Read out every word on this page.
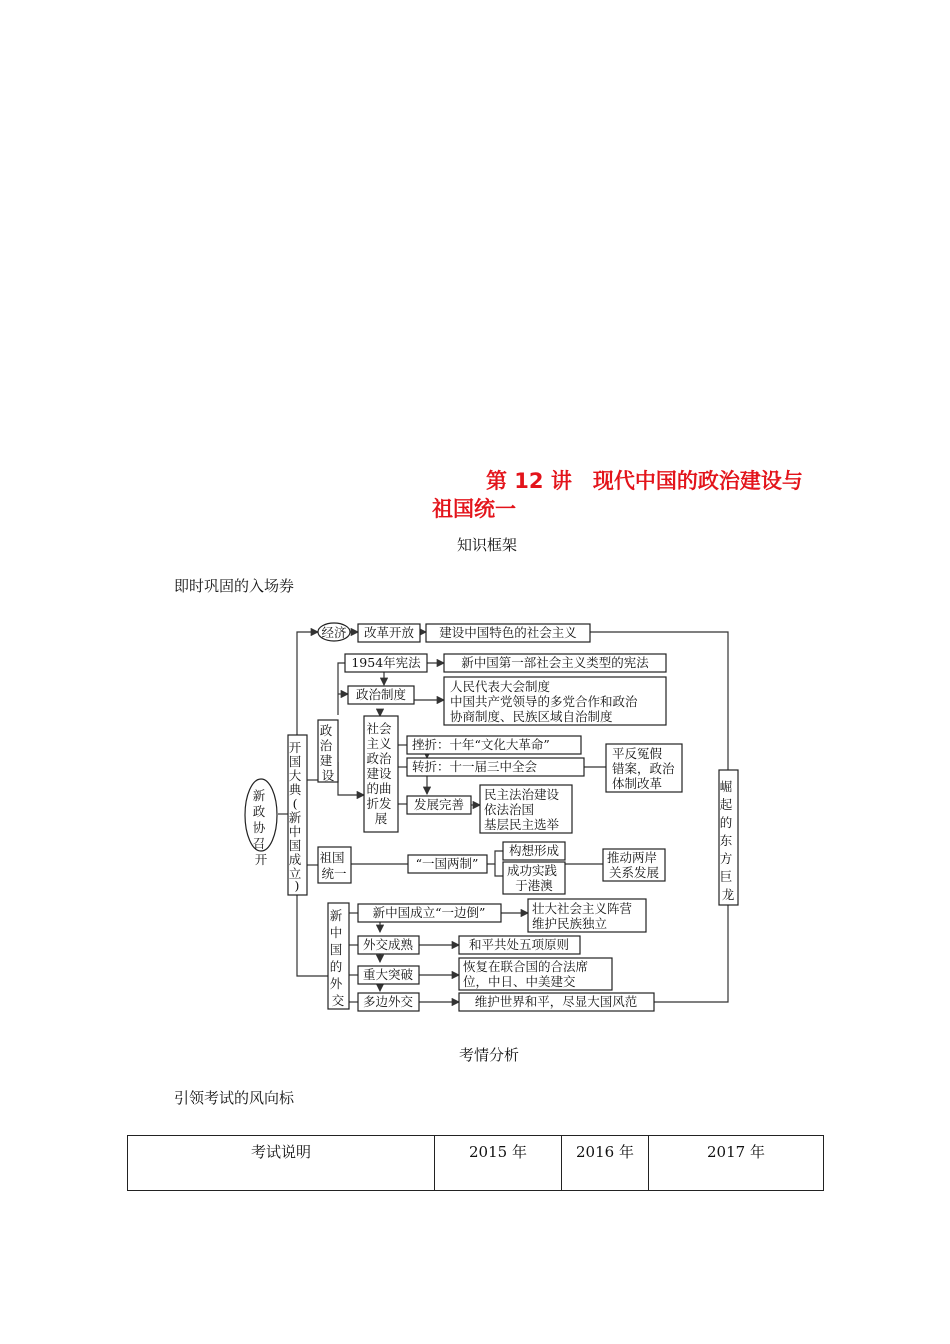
第 12 讲　现代中国的政治建设与
祖国统一
知识框架
即时巩固的入场券
新 政 协 召 开
开 国 大 典 ( 新 中 国 成 立 )
崛 起 的 东 方 巨 龙
经济 改革开放 建设中国特色的社会主义
政 治 建 设
1954年宪法	新中国第一部社会主义类型的宪法
政治制度
人民代表大会制度 中国共产党领导的多党合作和政治 协商制度、民族区域自治制度
社会 主义 政治 建设 的曲 折发 展
挫折：十年“文化大革命”
转折：十一届三中全会
平反冤假 错案，政治 体制改革
发展完善
民主法治建设 依法治国 基层民主选举
祖国 统一
“一国两制”
构想形成
成功实践 于港澳
推动两岸 关系发展
新 中 国 的 外 交
新中国成立“一边倒”	壮大社会主义阵营 维护民族独立
外交成熟	和平共处五项原则
重大突破
恢复在联合国的合法席 位，中日、中美建交
多边外交	维护世界和平，尽显大国风范
考情分析
引领考试的风向标
考试说明	2015 年	2016 年	2017 年
